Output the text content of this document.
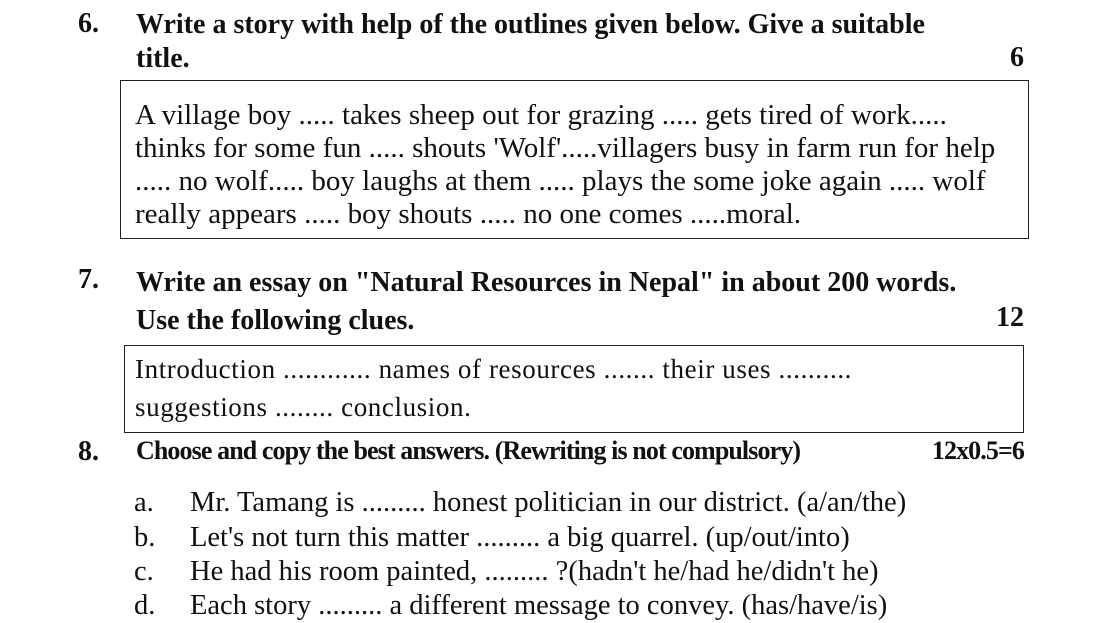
6. Write a story with help of the outlines given below. Give a suitable
title.	6
A village boy ..... takes sheep out for grazing ..... gets tired of work.....
thinks for some fun ..... shouts 'Wolf'.....villagers busy in farm run for help
..... no wolf..... boy laughs at them ..... plays the some joke again ..... wolf
really appears ..... boy shouts ..... no one comes .....moral.
7. Write an essay on "Natural Resources in Nepal" in about 200 words.
Use the following clues.	12
Introduction ............ names of resources ....... their uses ..........
suggestions ........ conclusion.
8. Choose and copy the best answers. (Rewriting is not compulsory)	12x0.5=6
a. Mr. Tamang is ......... honest politician in our district. (a/an/the)
b. Let's not turn this matter ......... a big quarrel. (up/out/into)
c. He had his room painted, ......... ?(hadn't he/had he/didn't he)
d. Each story ......... a different message to convey. (has/have/is)
